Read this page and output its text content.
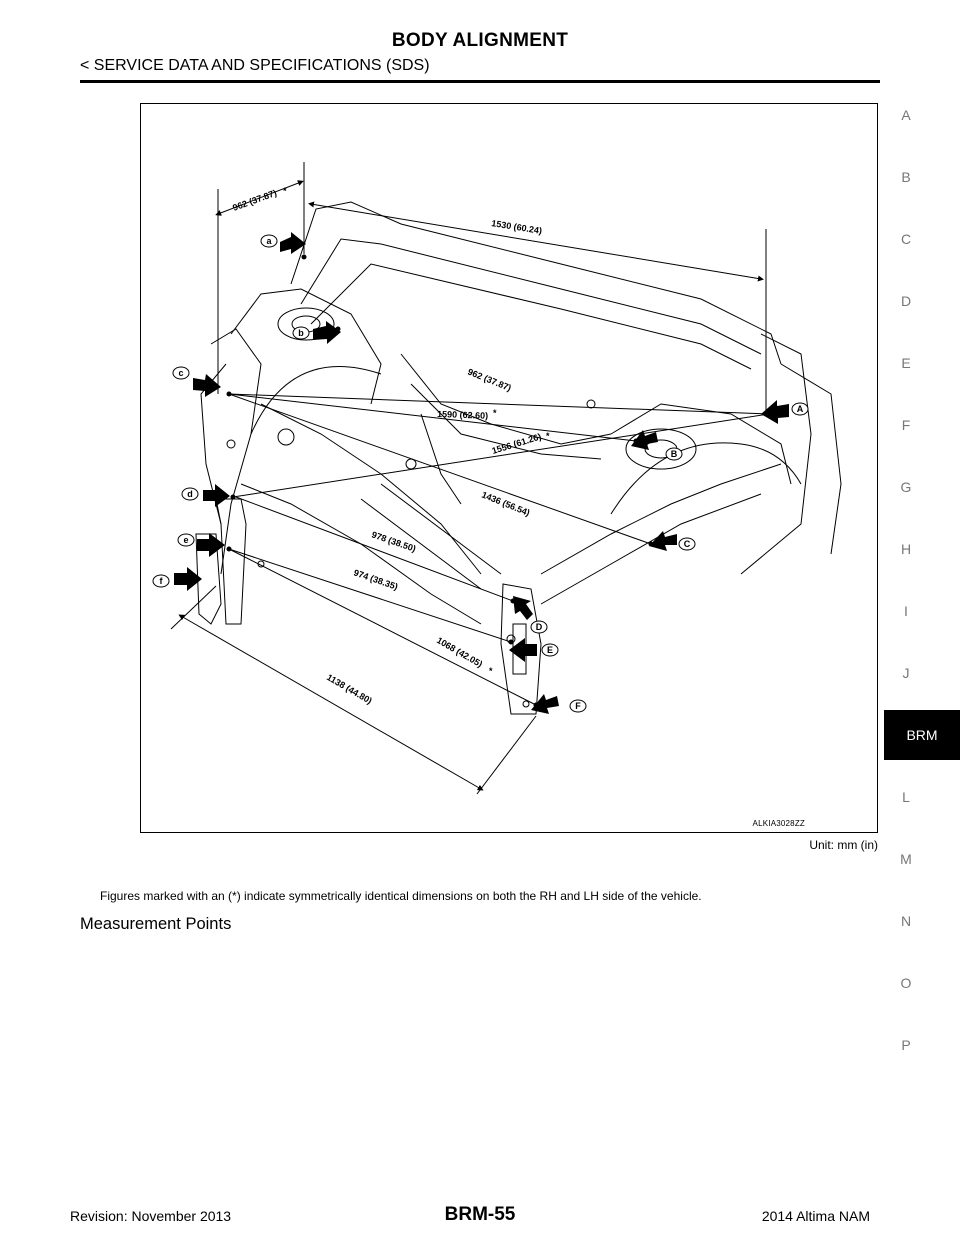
BODY ALIGNMENT
< SERVICE DATA AND SPECIFICATIONS (SDS)
A
B
C
D
E
F
G
H
I
J
BRM
L
M
N
O
P
a
b
c
d
e
f
A
B
C
D
E
F
962 (37.87) *
1530 (60.24)
962 (37.87)
1590 (62.60) *
1556 (61.26) *
1436 (56.54)
978 (38.50)
974 (38.35)
1068 (42.05)
*
1138 (44.80)
ALKIA3028ZZ
Unit: mm (in)
Figures marked with an (*) indicate symmetrically identical dimensions on both the RH and LH side of the vehicle.
Measurement Points
Revision: November 2013	BRM-55	2014 Altima NAM
